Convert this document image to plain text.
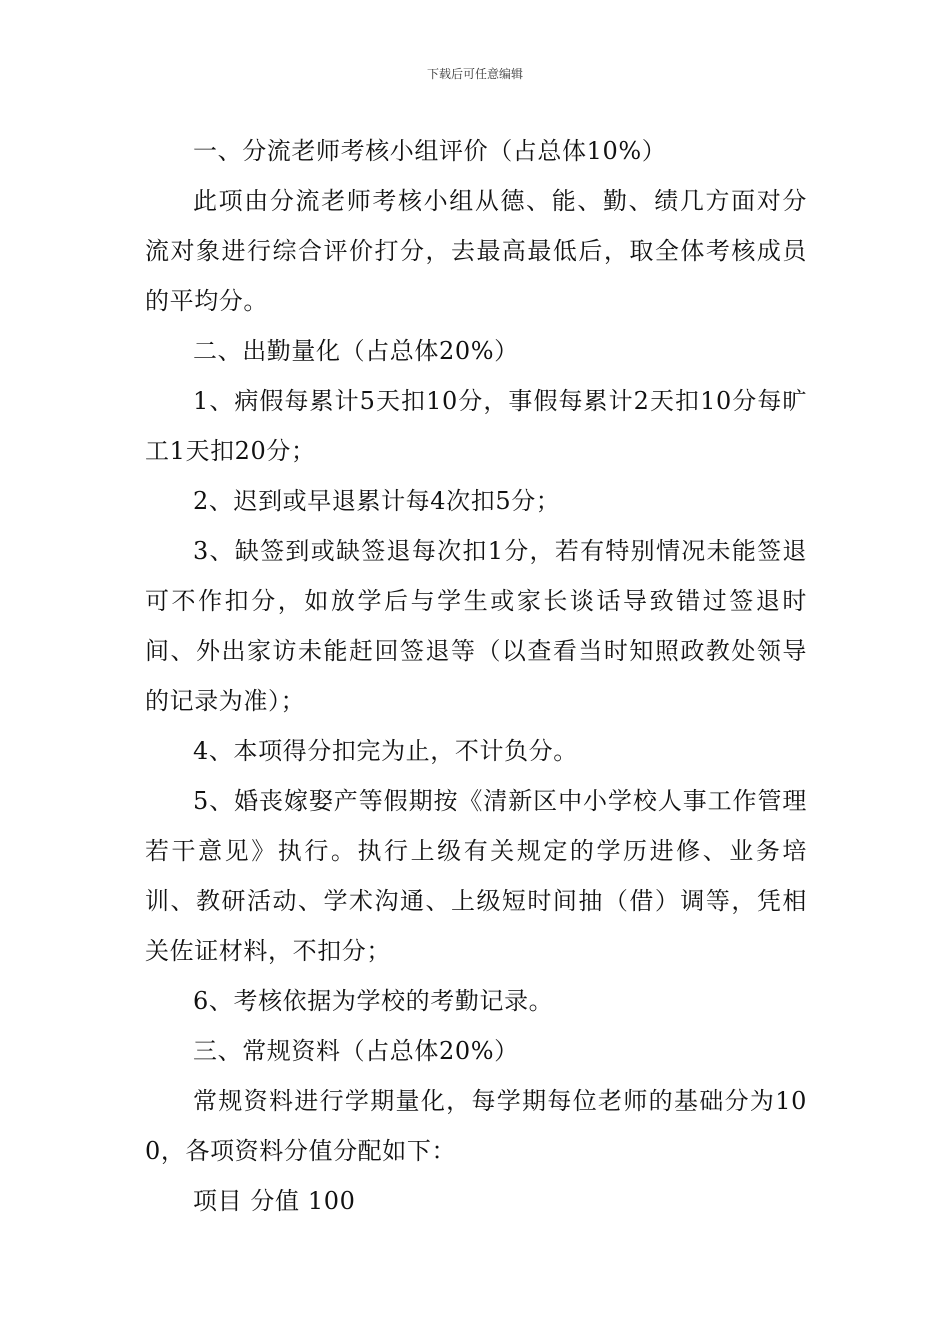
下载后可任意编辑

一、分流老师考核小组评价（占总体10%）

此项由分流老师考核小组从德、能、勤、绩几方面对分流对象进行综合评价打分，去最高最低后，取全体考核成员的平均分。

二、出勤量化（占总体20%）

1、病假每累计5天扣10分，事假每累计2天扣10分每旷工1天扣20分；

2、迟到或早退累计每4次扣5分；

3、缺签到或缺签退每次扣1分，若有特别情况未能签退可不作扣分，如放学后与学生或家长谈话导致错过签退时间、外出家访未能赶回签退等（以查看当时知照政教处领导的记录为准）；

4、本项得分扣完为止，不计负分。

5、婚丧嫁娶产等假期按《清新区中小学校人事工作管理若干意见》执行。执行上级有关规定的学历进修、业务培训、教研活动、学术沟通、上级短时间抽（借）调等，凭相关佐证材料，不扣分；

6、考核依据为学校的考勤记录。

三、常规资料（占总体20%）

常规资料进行学期量化，每学期每位老师的基础分为100，各项资料分值分配如下：

项目 分值 100
